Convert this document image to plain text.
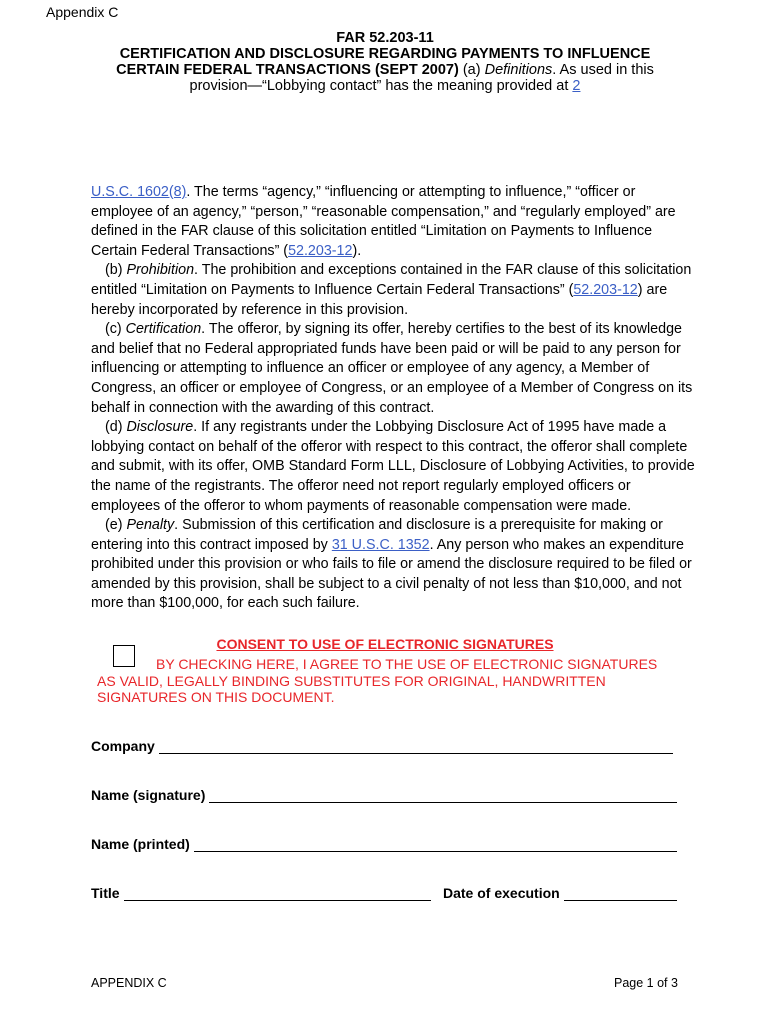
Appendix C
FAR 52.203-11
CERTIFICATION AND DISCLOSURE REGARDING PAYMENTS TO INFLUENCE
CERTAIN FEDERAL TRANSACTIONS (SEPT 2007) (a) Definitions. As used in this
provision—“Lobbying contact” has the meaning provided at 2
U.S.C. 1602(8). The terms “agency,” “influencing or attempting to influence,” “officer or
employee of an agency,” “person,” “reasonable compensation,” and “regularly employed” are
defined in the FAR clause of this solicitation entitled “Limitation on Payments to Influence
Certain Federal Transactions” (52.203-12).
(b) Prohibition. The prohibition and exceptions contained in the FAR clause of this solicitation
entitled “Limitation on Payments to Influence Certain Federal Transactions” (52.203-12) are
hereby incorporated by reference in this provision.
(c) Certification. The offeror, by signing its offer, hereby certifies to the best of its knowledge
and belief that no Federal appropriated funds have been paid or will be paid to any person for
influencing or attempting to influence an officer or employee of any agency, a Member of
Congress, an officer or employee of Congress, or an employee of a Member of Congress on its
behalf in connection with the awarding of this contract.
(d) Disclosure. If any registrants under the Lobbying Disclosure Act of 1995 have made a
lobbying contact on behalf of the offeror with respect to this contract, the offeror shall complete
and submit, with its offer, OMB Standard Form LLL, Disclosure of Lobbying Activities, to provide
the name of the registrants. The offeror need not report regularly employed officers or
employees of the offeror to whom payments of reasonable compensation were made.
(e) Penalty. Submission of this certification and disclosure is a prerequisite for making or
entering into this contract imposed by 31 U.S.C. 1352. Any person who makes an expenditure
prohibited under this provision or who fails to file or amend the disclosure required to be filed or
amended by this provision, shall be subject to a civil penalty of not less than $10,000, and not
more than $100,000, for each such failure.
CONSENT TO USE OF ELECTRONIC SIGNATURES
BY CHECKING HERE, I AGREE TO THE USE OF ELECTRONIC SIGNATURES
AS VALID, LEGALLY BINDING SUBSTITUTES FOR ORIGINAL, HANDWRITTEN
SIGNATURES ON THIS DOCUMENT.
Company
Name (signature)
Name (printed)
Title	Date of execution
APPENDIX C	Page 1 of 3
